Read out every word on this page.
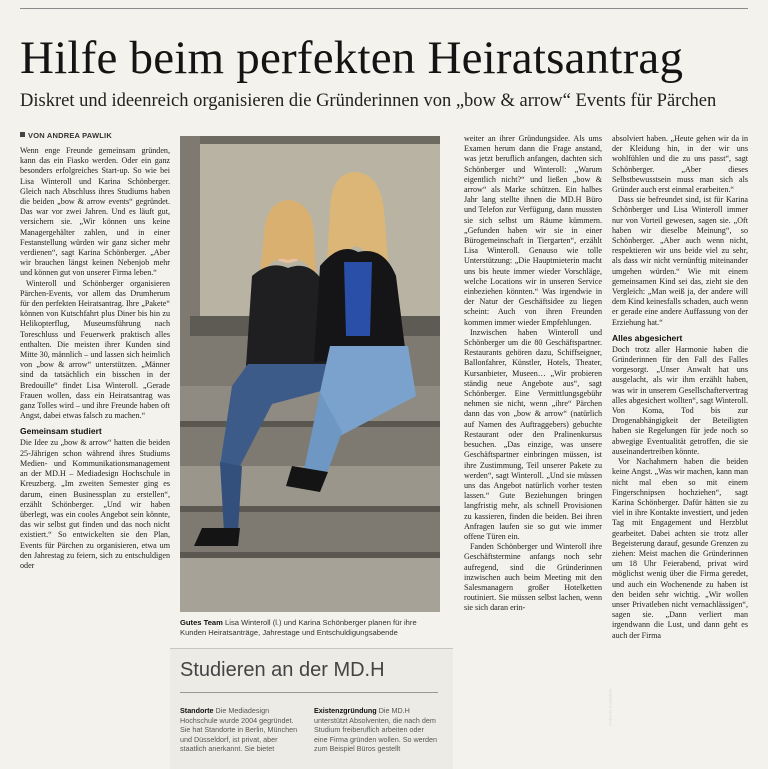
Hilfe beim perfekten Heiratsantrag
Diskret und ideenreich organisieren die Gründerinnen von „bow & arrow“ Events für Pärchen
VON ANDREA PAWLIK

Wenn enge Freunde gemeinsam gründen, kann das ein Fiasko werden. Oder ein ganz besonders erfolgreiches Start-up. So wie bei Lisa Winteroll und Karina Schönberger. Gleich nach Abschluss ihres Studiums haben die beiden „bow & arrow events“ gegründet. Das war vor zwei Jahren. Und es läuft gut, versichern sie. „Wir können uns keine Managergehälter zahlen, und in einer Festanstellung würden wir ganz sicher mehr verdienen“, sagt Karina Schönberger. „Aber wir brauchen längst keinen Nebenjob mehr und können gut von unserer Firma leben.“

Winteroll und Schönberger organisieren Pärchen-Events, vor allem das Drumherum für den perfekten Heiratsantrag. Ihre „Pakete“ können von Kutschfahrt plus Diner bis hin zu Helikopterflug, Museumsführung nach Toreschluss und Feuerwerk praktisch alles enthalten. Die meisten ihrer Kunden sind Mitte 30, männlich – und lassen sich heimlich von „bow & arrow“ unterstützen. „Männer sind da tatsächlich ein bisschen in der Bredouille“ findet Lisa Winteroll. „Gerade Frauen wollen, dass ein Heiratsantrag was ganz Tolles wird – und ihre Freunde haben oft Angst, dabei etwas falsch zu machen.“

Gemeinsam studiert

Die Idee zu „bow & arrow“ hatten die beiden 25-Jährigen schon während ihres Studiums Medien- und Kommunikationsmanagement an der MD.H – Mediadesign Hochschule in Kreuzberg. „Im zweiten Semester ging es darum, einen Businessplan zu erstellen“, erzählt Schönberger. „Und wir haben überlegt, was ein cooles Angebot sein könnte, das wir selbst gut finden und das noch nicht existiert.“ So entwickelten sie den Plan, Events für Pärchen zu organisieren, etwa um den Jahrestag zu feiern, sich zu entschuldigen oder

FABIAN SOMMER
Gutes Team Lisa Winteroll (l.) und Karina Schönberger planen für ihre Kunden Heiratsanträge, Jahrestage und Entschuldigungsabende
Studieren an der MD.H
Standorte Die Mediadesign Hochschule wurde 2004 gegründet. Sie hat Standorte in Berlin, München und Düsseldorf, ist privat, aber staatlich anerkannt. Sie bietet
Existenzgründung Die MD.H unterstützt Absolventen, die nach dem Studium freiberuflich arbeiten oder eine Firma gründen wollen. So werden zum Beispiel Büros gestellt

weiter an ihrer Gründungsidee. Als ums Examen herum dann die Frage anstand, was jetzt beruflich anfangen, dachten sich Schönberger und Winteroll: „Warum eigentlich nicht?“ und ließen „bow & arrow“ als Marke schützen. Ein halbes Jahr lang stellte ihnen die MD.H Büro und Telefon zur Verfügung, dann mussten sie sich selbst um Räume kümmern. „Gefunden haben wir sie in einer Bürogemeinschaft in Tiergarten“, erzählt Lisa Winteroll. Genauso wie tolle Unterstützung: „Die Hauptmieterin macht uns bis heute immer wieder Vorschläge, welche Locations wir in unseren Service einbeziehen könnten.“ Was irgendwie in der Natur der Geschäftsidee zu liegen scheint: Auch von ihren Freunden kommen immer wieder Empfehlungen.

Inzwischen haben Winteroll und Schönberger um die 80 Geschäftspartner. Restaurants gehören dazu, Schiffseigner, Ballonfahrer, Künstler, Hotels, Theater, Kursanbieter, Museen… „Wir probieren ständig neue Angebote aus“, sagt Schönberger. Eine Vermittlungsgebühr nehmen sie nicht, wenn „ihre“ Pärchen dann das von „bow & arrow“ (natürlich auf Namen des Auftraggebers) gebuchte Restaurant oder den Pralinenkursus besuchen. „Das einzige, was unsere Geschäftspartner einbringen müssen, ist ihre Zustimmung, Teil unserer Pakete zu werden“, sagt Winteroll. „Und sie müssen uns das Angebot natürlich vorher testen lassen.“ Gute Beziehungen bringen langfristig mehr, als schnell Provisionen zu kassieren, finden die beiden. Bei ihren Anfragen laufen sie so gut wie immer offene Türen ein.

Fanden Schönberger und Winteroll ihre Geschäftstermine anfangs noch sehr aufregend, sind die Gründerinnen inzwischen auch beim Meeting mit den Salesmanagern großer Hotelketten routiniert. Sie müssen selbst lachen, wenn sie sich daran erin-

absolviert haben. „Heute gehen wir da in der Kleidung hin, in der wir uns wohlfühlen und die zu uns passt“, sagt Schönberger. „Aber dieses Selbstbewusstsein muss man sich als Gründer auch erst einmal erarbeiten.“

Dass sie befreundet sind, ist für Karina Schönberger und Lisa Winteroll immer nur von Vorteil gewesen, sagen sie. „Oft haben wir dieselbe Meinung“, so Schönberger. „Aber auch wenn nicht, respektieren wir uns beide viel zu sehr, als dass wir nicht vernünftig miteinander umgehen würden.“ Wie mit einem gemeinsamen Kind sei das, zieht sie den Vergleich: „Man weiß ja, der andere will dem Kind keinesfalls schaden, auch wenn er gerade eine andere Auffassung von der Erziehung hat.“

Alles abgesichert

Doch trotz aller Harmonie haben die Gründerinnen für den Fall des Falles vorgesorgt. „Unser Anwalt hat uns ausgelacht, als wir ihm erzählt haben, was wir in unserem Gesellschaftervertrag alles abgesichert wollten“, sagt Winteroll. Von Koma, Tod bis zur Drogenabhängigkeit der Beteiligten haben sie Regelungen für jede noch so abwegige Eventualität getroffen, die sie auseinandertreiben könnte.

Vor Nachahmern haben die beiden keine Angst. „Was wir machen, kann man nicht mal eben so mit einem Fingerschnipsen hochziehen“, sagt Karina Schönberger. Dafür hätten sie zu viel in ihre Kontakte investiert, und jeden Tag mit Engagement und Herzblut gearbeitet. Dabei achten sie trotz aller Begeisterung darauf, gesunde Grenzen zu ziehen: Meist machen die Gründerinnen um 18 Uhr Feierabend, privat wird möglichst wenig über die Firma geredet, und auch ein Wochenende zu haben ist den beiden sehr wichtig. „Wir wollen unser Privatleben nicht vernachlässigen“, sagen sie. „Dann verliert man irgendwann die Lust, und dann geht es auch der Firma
